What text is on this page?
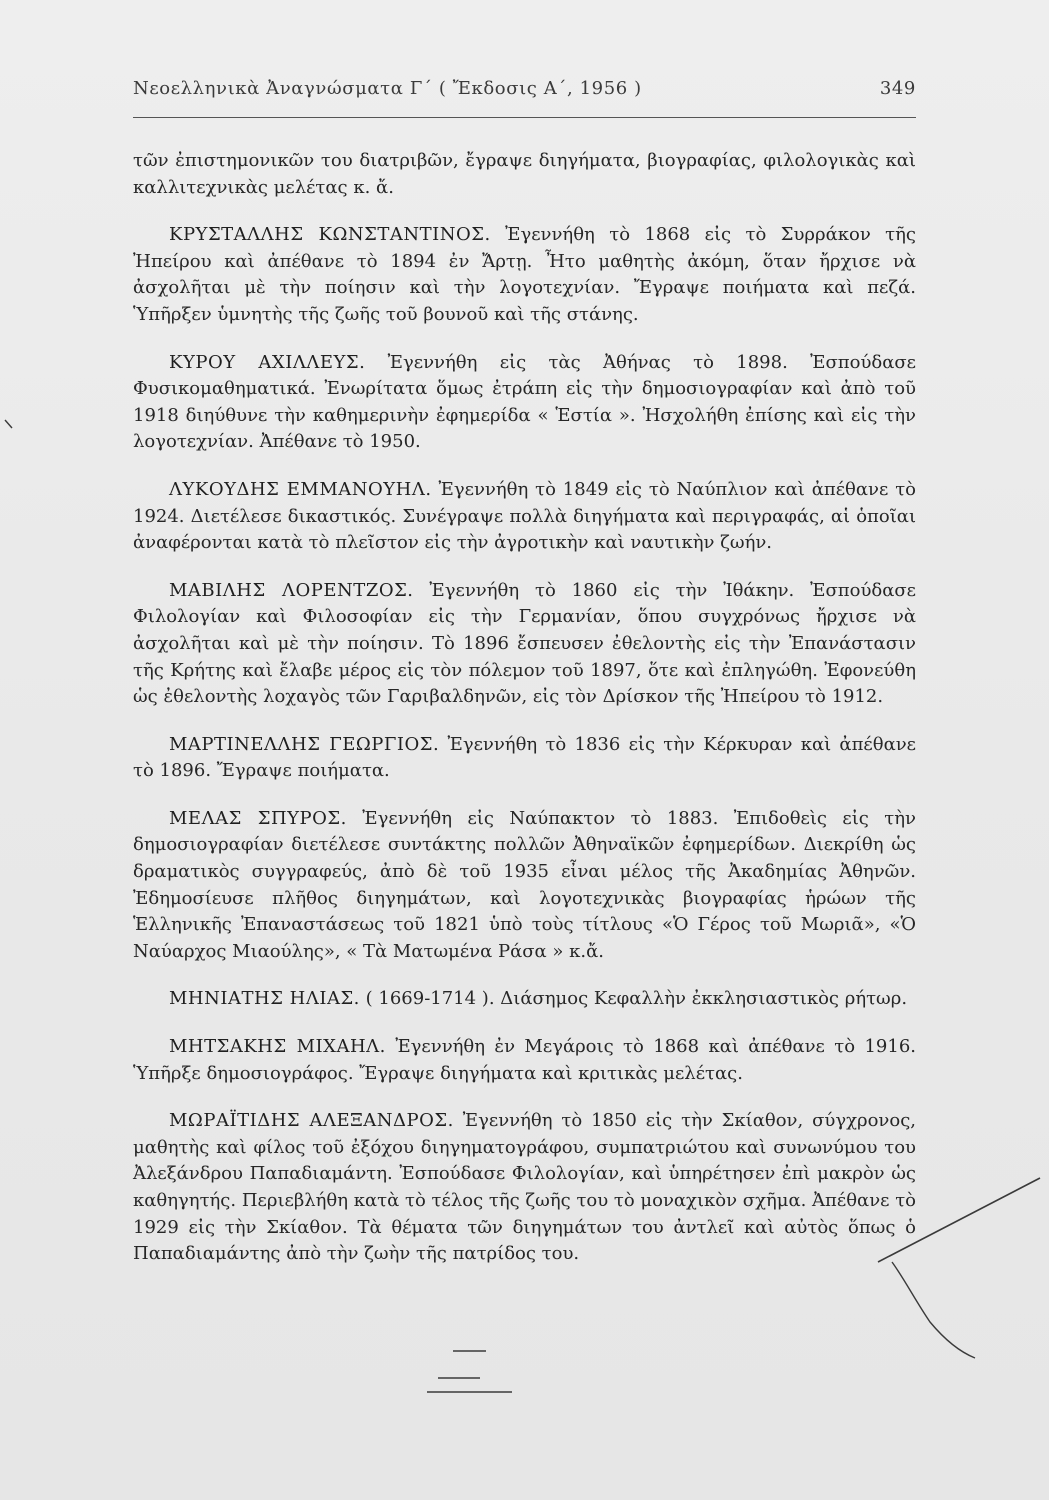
Νεοελληνικὰ Ἀναγνώσματα Γ΄ ( Ἔκδοσις Α΄, 1956 )	349

τῶν ἐπιστημονικῶν του διατριβῶν, ἔγραψε διηγήματα, βιογραφίας, φιλολογικὰς καὶ καλλιτεχνικὰς μελέτας κ. ἄ.

ΚΡΥΣΤΑΛΛΗΣ ΚΩΝΣΤΑΝΤΙΝΟΣ. Ἐγεννήθη τὸ 1868 εἰς τὸ Συρράκον τῆς Ἠπείρου καὶ ἀπέθανε τὸ 1894 ἐν Ἄρτῃ. Ἦτο μαθητὴς ἀκόμη, ὅταν ἤρχισε νὰ ἀσχολῆται μὲ τὴν ποίησιν καὶ τὴν λογοτεχνίαν. Ἔγραψε ποιήματα καὶ πεζά. Ὑπῆρξεν ὑμνητὴς τῆς ζωῆς τοῦ βουνοῦ καὶ τῆς στάνης.

ΚΥΡΟΥ ΑΧΙΛΛΕΥΣ. Ἐγεννήθη εἰς τὰς Ἀθήνας τὸ 1898. Ἐσπούδασε Φυσικομαθηματικά. Ἐνωρίτατα ὅμως ἐτράπη εἰς τὴν δημοσιογραφίαν καὶ ἀπὸ τοῦ 1918 διηύθυνε τὴν καθημερινὴν ἐφημερίδα « Ἑστία ». Ἠσχολήθη ἐπίσης καὶ εἰς τὴν λογοτεχνίαν. Ἀπέθανε τὸ 1950.

ΛΥΚΟΥΔΗΣ ΕΜΜΑΝΟΥΗΛ. Ἐγεννήθη τὸ 1849 εἰς τὸ Ναύπλιον καὶ ἀπέθανε τὸ 1924. Διετέλεσε δικαστικός. Συνέγραψε πολλὰ διηγήματα καὶ περιγραφάς, αἱ ὁποῖαι ἀναφέρονται κατὰ τὸ πλεῖστον εἰς τὴν ἀγροτικὴν καὶ ναυτικὴν ζωήν.

ΜΑΒΙΛΗΣ ΛΟΡΕΝΤΖΟΣ. Ἐγεννήθη τὸ 1860 εἰς τὴν Ἰθάκην. Ἐσπούδασε Φιλολογίαν καὶ Φιλοσοφίαν εἰς τὴν Γερμανίαν, ὅπου συγχρόνως ἤρχισε νὰ ἀσχολῆται καὶ μὲ τὴν ποίησιν. Τὸ 1896 ἔσπευσεν ἐθελοντὴς εἰς τὴν Ἐπανάστασιν τῆς Κρήτης καὶ ἔλαβε μέρος εἰς τὸν πόλεμον τοῦ 1897, ὅτε καὶ ἐπληγώθη. Ἐφονεύθη ὡς ἐθελοντὴς λοχαγὸς τῶν Γαριβαλδηνῶν, εἰς τὸν Δρίσκον τῆς Ἠπείρου τὸ 1912.

ΜΑΡΤΙΝΕΛΛΗΣ ΓΕΩΡΓΙΟΣ. Ἐγεννήθη τὸ 1836 εἰς τὴν Κέρκυραν καὶ ἀπέθανε τὸ 1896. Ἔγραψε ποιήματα.

ΜΕΛΑΣ ΣΠΥΡΟΣ. Ἐγεννήθη εἰς Ναύπακτον τὸ 1883. Ἐπιδοθεὶς εἰς τὴν δημοσιογραφίαν διετέλεσε συντάκτης πολλῶν Ἀθηναϊκῶν ἐφημερίδων. Διεκρίθη ὡς δραματικὸς συγγραφεύς, ἀπὸ δὲ τοῦ 1935 εἶναι μέλος τῆς Ἀκαδημίας Ἀθηνῶν. Ἐδημοσίευσε πλῆθος διηγημάτων, καὶ λογοτεχνικὰς βιογραφίας ἡρώων τῆς Ἑλληνικῆς Ἐπαναστάσεως τοῦ 1821 ὑπὸ τοὺς τίτλους «Ὁ Γέρος τοῦ Μωριᾶ», «Ὁ Ναύαρχος Μιαούλης», « Τὰ Ματωμένα Ράσα » κ.ἄ.

ΜΗΝΙΑΤΗΣ ΗΛΙΑΣ. ( 1669-1714 ). Διάσημος Κεφαλλὴν ἐκκλησιαστικὸς ρήτωρ.

ΜΗΤΣΑΚΗΣ ΜΙΧΑΗΛ. Ἐγεννήθη ἐν Μεγάροις τὸ 1868 καὶ ἀπέθανε τὸ 1916. Ὑπῆρξε δημοσιογράφος. Ἔγραψε διηγήματα καὶ κριτικὰς μελέτας.

ΜΩΡΑΪΤΙΔΗΣ ΑΛΕΞΑΝΔΡΟΣ. Ἐγεννήθη τὸ 1850 εἰς τὴν Σκίαθον, σύγχρονος, μαθητὴς καὶ φίλος τοῦ ἐξόχου διηγηματογράφου, συμπατριώτου καὶ συνωνύμου του Ἀλεξάνδρου Παπαδιαμάντη. Ἐσπούδασε Φιλολογίαν, καὶ ὑπηρέτησεν ἐπὶ μακρὸν ὡς καθηγητής. Περιεβλήθη κατὰ τὸ τέλος τῆς ζωῆς του τὸ μοναχικὸν σχῆμα. Ἀπέθανε τὸ 1929 εἰς τὴν Σκίαθον. Τὰ θέματα τῶν διηγημάτων του ἀντλεῖ καὶ αὐτὸς ὅπως ὁ Παπαδιαμάντης ἀπὸ τὴν ζωὴν τῆς πατρίδος του.
